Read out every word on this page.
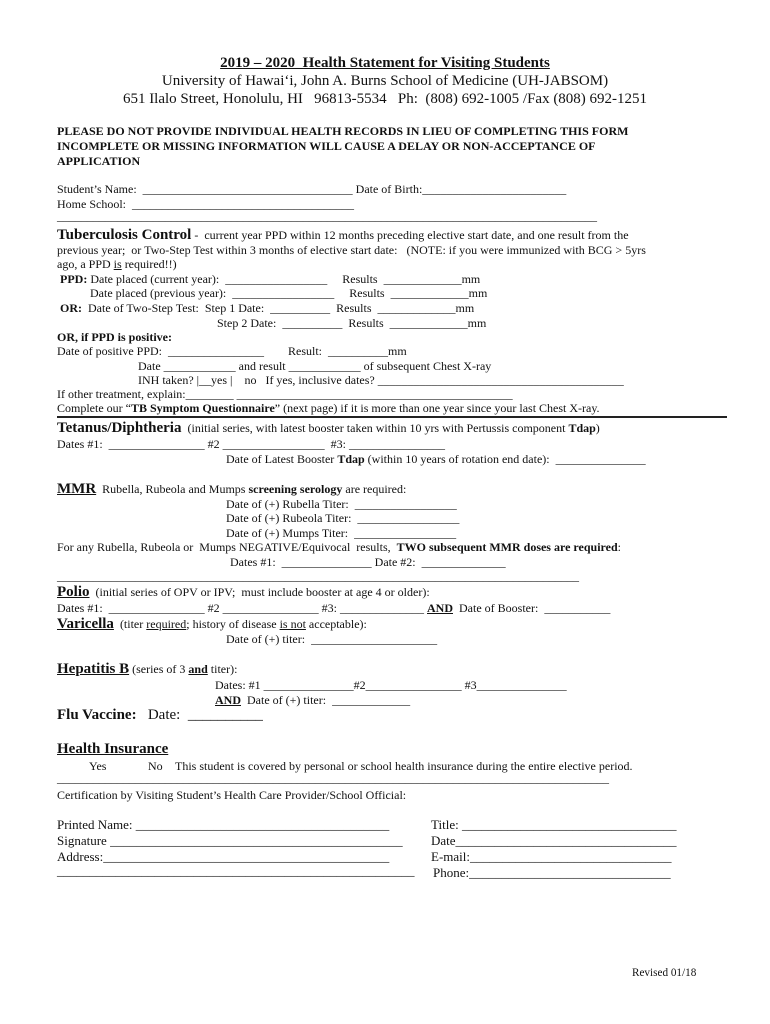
2019 – 2020  Health Statement for Visiting Students
University of Hawaiʻi, John A. Burns School of Medicine (UH-JABSOM)
651 Ilalo Street, Honolulu, HI   96813-5534   Ph:  (808) 692-1005 /Fax (808) 692-1251
PLEASE DO NOT PROVIDE INDIVIDUAL HEALTH RECORDS IN LIEU OF COMPLETING THIS FORM
INCOMPLETE OR MISSING INFORMATION WILL CAUSE A DELAY OR NON-ACCEPTANCE OF
APPLICATION
Student’s Name:  ___________________________________ Date of Birth:________________________
Home School:  _____________________________________
__________________________________________________________________________________________
Tuberculosis Control -  current year PPD within 12 months preceding elective start date, and one result from the
previous year;  or Two-Step Test within 3 months of elective start date:   (NOTE: if you were immunized with BCG > 5yrs
ago, a PPD is required!!)
PPD: Date placed (current year):  _________________     Results  _____________mm
Date placed (previous year):  _________________     Results  _____________mm
OR:  Date of Two-Step Test:  Step 1 Date:  __________  Results  _____________mm
Step 2 Date:  __________  Results  _____________mm
OR, if PPD is positive:
Date of positive PPD:  ________________        Result:  __________mm
Date ____________ and result ____________ of subsequent Chest X-ray
INH taken? |__yes |    no   If yes, inclusive dates? _________________________________________
If other treatment, explain:________ ______________________________________________
Complete our “TB Symptom Questionnaire” (next page) if it is more than one year since your last Chest X-ray.
Tetanus/Diphtheria  (initial series, with latest booster taken within 10 yrs with Pertussis component Tdap)
Dates #1:  ________________ #2 _________________  #3: ________________
Date of Latest Booster Tdap (within 10 years of rotation end date):  _______________
MMR  Rubella, Rubeola and Mumps screening serology are required:
Date of (+) Rubella Titer:  _________________
Date of (+) Rubeola Titer:  _________________
Date of (+) Mumps Titer:  _________________
For any Rubella, Rubeola or  Mumps NEGATIVE/Equivocal  results,  TWO subsequent MMR doses are required:
Dates #1:  _______________ Date #2:  ______________
_______________________________________________________________________________________
Polio  (initial series of OPV or IPV;  must include booster at age 4 or older):
Dates #1:  ________________ #2 ________________ #3: ______________ AND  Date of Booster:  ___________
Varicella  (titer required; history of disease is not acceptable):
Date of (+) titer:  _____________________
Hepatitis B (series of 3 and titer):
Dates: #1 _______________#2________________ #3_______________
AND  Date of (+) titer:  _____________
Flu Vaccine:   Date:  __________
Health Insurance
Yes	No This student is covered by personal or school health insurance during the entire elective period.
____________________________________________________________________________________________
Certification by Visiting Student’s Health Care Provider/School Official:
Printed Name: _______________________________________
Signature _____________________________________________
Address:____________________________________________
_______________________________________________________
Title: _________________________________
Date__________________________________
E-mail:_______________________________
Phone:_______________________________
Revised 01/18
